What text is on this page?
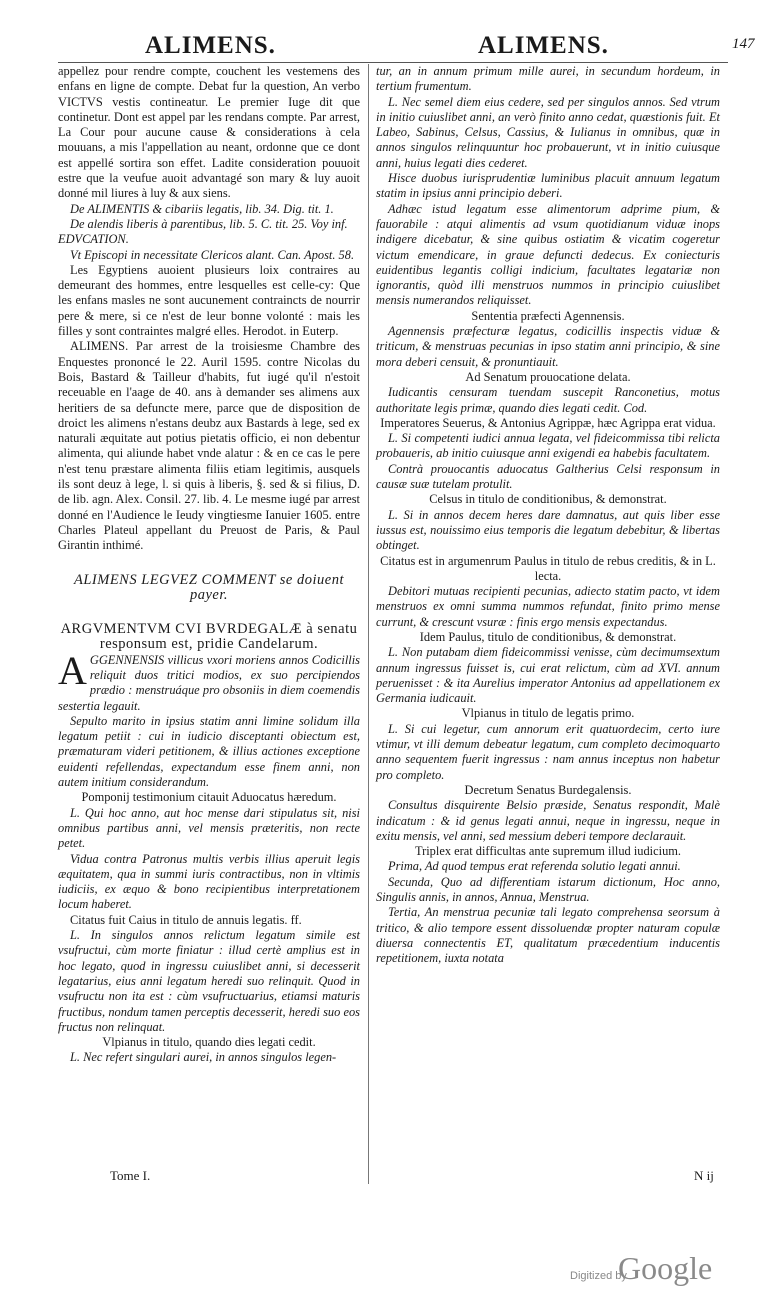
ALIMENS.	ALIMENS.	147

appellez pour rendre compte, couchent les vestemens des enfans en ligne de compte. Debat fur la question, An verbo VICTVS vestis contineatur. Le premier Iuge dit que continetur. Dont est appel par les rendans compte. Par arrest, La Cour pour aucune cause & considerations à cela mouuans, a mis l'appellation au neant, ordonne que ce dont est appellé sortira son effet. Ladite consideration pouuoit estre que la veufue auoit advantagé son mary & luy auoit donné mil liures à luy & aux siens.

De ALIMENTIS & cibariis legatis, lib. 34. Dig. tit. 1.

De alendis liberis à parentibus, lib. 5. C. tit. 25. Voy inf.

EDVCATION.

Vt Episcopi in necessitate Clericos alant. Can. Apost. 58.

Les Egyptiens auoient plusieurs loix contraires au demeurant des hommes, entre lesquelles est celle-cy: Que les enfans masles ne sont aucunement contraincts de nourrir pere & mere, si ce n'est de leur bonne volonté : mais les filles y sont contraintes malgré elles. Herodot. in Euterp.

ALIMENS. Par arrest de la troisiesme Chambre des Enquestes prononcé le 22. Auril 1595. contre Nicolas du Bois, Bastard & Tailleur d'habits, fut iugé qu'il n'estoit receuable en l'aage de 40. ans à demander ses alimens aux heritiers de sa defuncte mere, parce que de disposition de droict les alimens n'estans deubz aux Bastards à lege, sed ex naturali æquitate aut potius pietatis officio, ei non debentur alimenta, qui aliunde habet vnde alatur : & en ce cas le pere n'est tenu præstare alimenta filiis etiam legitimis, ausquels ils sont deuz à lege, l. si quis à liberis, §. sed & si filius, D. de lib. agn. Alex. Consil. 27. lib. 4. Le mesme iugé par arrest donné en l'Audience le Ieudy vingtiesme Ianuier 1605. entre Charles Plateul appellant du Preuost de Paris, & Paul Girantin inthimé.

ALIMENS LEGVEZ COMMENT se doiuent payer.

ARGVMENTVM CVI BVRDEGALÆ à senatu responsum est, pridie Candelarum.

AGGENNENSIS villicus vxori moriens annos Codicillis reliquit duos tritici modios, ex suo percipiendos prædio : menstruáque pro obsoniis in diem coemendis sestertia legauit.

Sepulto marito in ipsius statim anni limine solidum illa legatum petiit : cui in iudicio disceptanti obiectum est, præmaturam videri petitionem, & illius actiones exceptione euidenti refellendas, expectandum esse finem anni, non autem initium considerandum.

Pomponij testimonium citauit Aduocatus hæredum.

L. Qui hoc anno, aut hoc mense dari stipulatus sit, nisi omnibus partibus anni, vel mensis præteritis, non recte petet.

Vidua contra Patronus multis verbis illius aperuit legis æquitatem, qua in summi iuris contractibus, non in vltimis iudiciis, ex æquo & bono recipientibus interpretationem locum haberet.

Citatus fuit Caius in titulo de annuis legatis. ff.

L. In singulos annos relictum legatum simile est vsufructui, cùm morte finiatur : illud certè amplius est in hoc legato, quod in ingressu cuiuslibet anni, si decesserit legatarius, eius anni legatum heredi suo relinquit. Quod in vsufructu non ita est : cùm vsufructuarius, etiamsi maturis fructibus, nondum tamen perceptis decesserit, heredi suo eos fructus non relinquat.

Vlpianus in titulo, quando dies legati cedit.

L. Nec refert singulari aurei, in annos singulos legen-

tur, an in annum primum mille aurei, in secundum hordeum, in tertium frumentum.

L. Nec semel diem eius cedere, sed per singulos annos. Sed vtrum in initio cuiuslibet anni, an verò finito anno cedat, quæstionis fuit. Et Labeo, Sabinus, Celsus, Cassius, & Iulianus in omnibus, quæ in annos singulos relinquuntur hoc probauerunt, vt in initio cuiusque anni, huius legati dies cederet.

Hisce duobus iurisprudentiæ luminibus placuit annuum legatum statim in ipsius anni principio deberi.

Adhæc istud legatum esse alimentorum adprime pium, & fauorabile : atqui alimentis ad vsum quotidianum viduæ inops indigere dicebatur, & sine quibus ostiatim & vicatim cogeretur victum emendicare, in graue defuncti dedecus. Ex coniecturis euidentibus legantis colligi indicium, facultates legatariæ non ignorantis, quòd illi menstruos nummos in principio cuiuslibet mensis numerandos reliquisset.

Sententia præfecti Agennensis.

Agennensis præfecturæ legatus, codicillis inspectis viduæ & triticum, & menstruas pecunias in ipso statim anni principio, & sine mora deberi censuit, & pronuntiauit.

Ad Senatum prouocatione delata.

Iudicantis censuram tuendam suscepit Ranconetius, motus authoritate legis primæ, quando dies legati cedit. Cod.

Imperatores Seuerus, & Antonius Agrippæ, hæc Agrippa erat vidua.

L. Si competenti iudici annua legata, vel fideicommissa tibi relicta probaueris, ab initio cuiusque anni exigendi ea habebis facultatem.

Contrà prouocantis aduocatus Galtherius Celsi responsum in causæ suæ tutelam protulit.

Celsus in titulo de conditionibus, & demonstrat.

L. Si in annos decem heres dare damnatus, aut quis liber esse iussus est, nouissimo eius temporis die legatum debebitur, & libertas obtinget.

Citatus est in argumenrum Paulus in titulo de rebus creditis, & in L. lecta.

Debitori mutuas recipienti pecunias, adiecto statim pacto, vt idem menstruos ex omni summa nummos refundat, finito primo mense currunt, & crescunt vsuræ : finis ergo mensis expectandus.

Idem Paulus, titulo de conditionibus, & demonstrat.

L. Non putabam diem fideicommissi venisse, cùm decimumsextum annum ingressus fuisset is, cui erat relictum, cùm ad XVI. annum peruenisset : & ita Aurelius imperator Antonius ad appellationem ex Germania iudicauit.

Vlpianus in titulo de legatis primo.

L. Si cui legetur, cum annorum erit quatuordecim, certo iure vtimur, vt illi demum debeatur legatum, cum completo decimoquarto anno sequentem fuerit ingressus : nam annus inceptus non habetur pro completo.

Decretum Senatus Burdegalensis.

Consultus disquirente Belsio præside, Senatus respondit, Malè indicatum : & id genus legati annui, neque in ingressu, neque in exitu mensis, vel anni, sed messium deberi tempore declarauit.

Triplex erat difficultas ante supremum illud iudicium.

Prima, Ad quod tempus erat referenda solutio legati annui.

Secunda, Quo ad differentiam istarum dictionum, Hoc anno, Singulis annis, in annos, Annua, Menstrua.

Tertia, An menstrua pecuniæ tali legato comprehensa seorsum à tritico, & alio tempore essent dissoluendæ propter naturam copulæ diuersa connectentis ET, qualitatum præcedentium inducentis repetitionem, iuxta notata

Tome I.	N ij
Digitized by
Google
